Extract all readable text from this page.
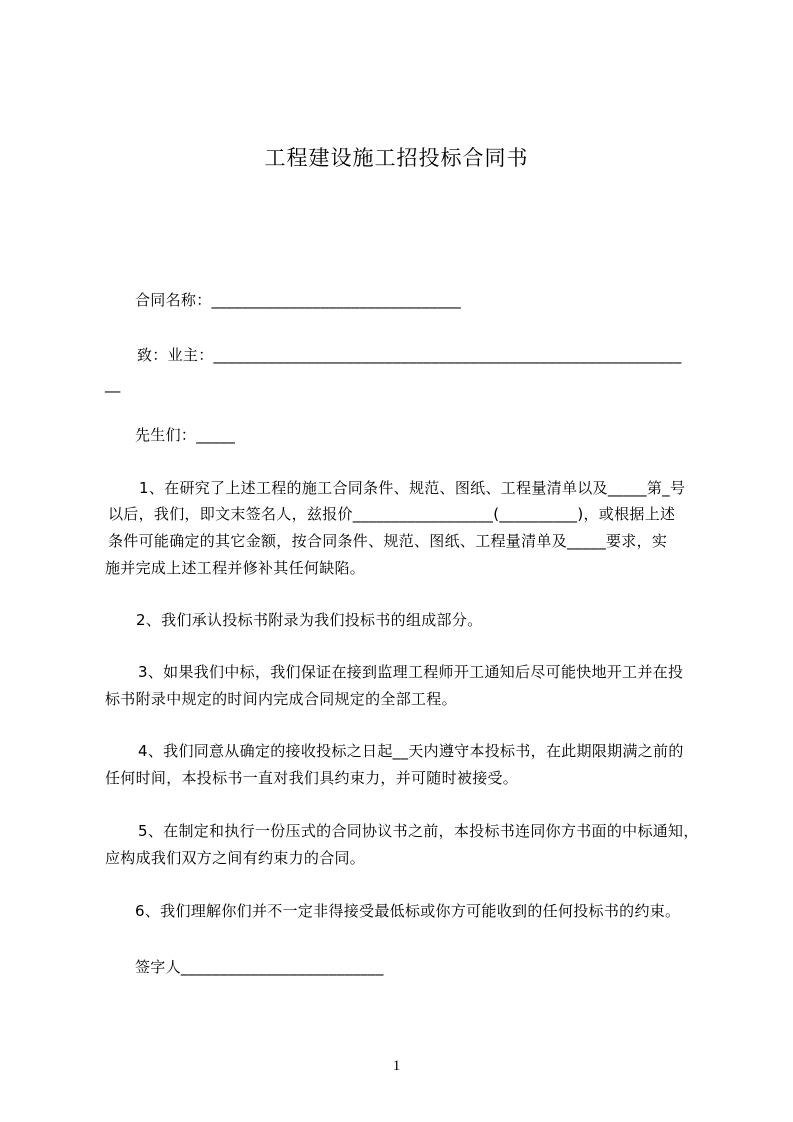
工程建设施工招投标合同书
合同名称：________________________________
致：业主：____________________________________________________________
__
先生们：_____
1、在研究了上述工程的施工合同条件、规范、图纸、工程量清单以及_____第_号
以后，我们，即文末签名人，兹报价__________________(__________)，或根据上述
条件可能确定的其它金额，按合同条件、规范、图纸、工程量清单及_____要求，实
施并完成上述工程并修补其任何缺陷。
2、我们承认投标书附录为我们投标书的组成部分。
3、如果我们中标，我们保证在接到监理工程师开工通知后尽可能快地开工并在投
标书附录中规定的时间内完成合同规定的全部工程。
4、我们同意从确定的接收投标之日起__天内遵守本投标书，在此期限期满之前的
任何时间，本投标书一直对我们具约束力，并可随时被接受。
5、在制定和执行一份压式的合同协议书之前，本投标书连同你方书面的中标通知，
应构成我们双方之间有约束力的合同。
6、我们理解你们并不一定非得接受最低标或你方可能收到的任何投标书的约束。
签字人__________________________
1
